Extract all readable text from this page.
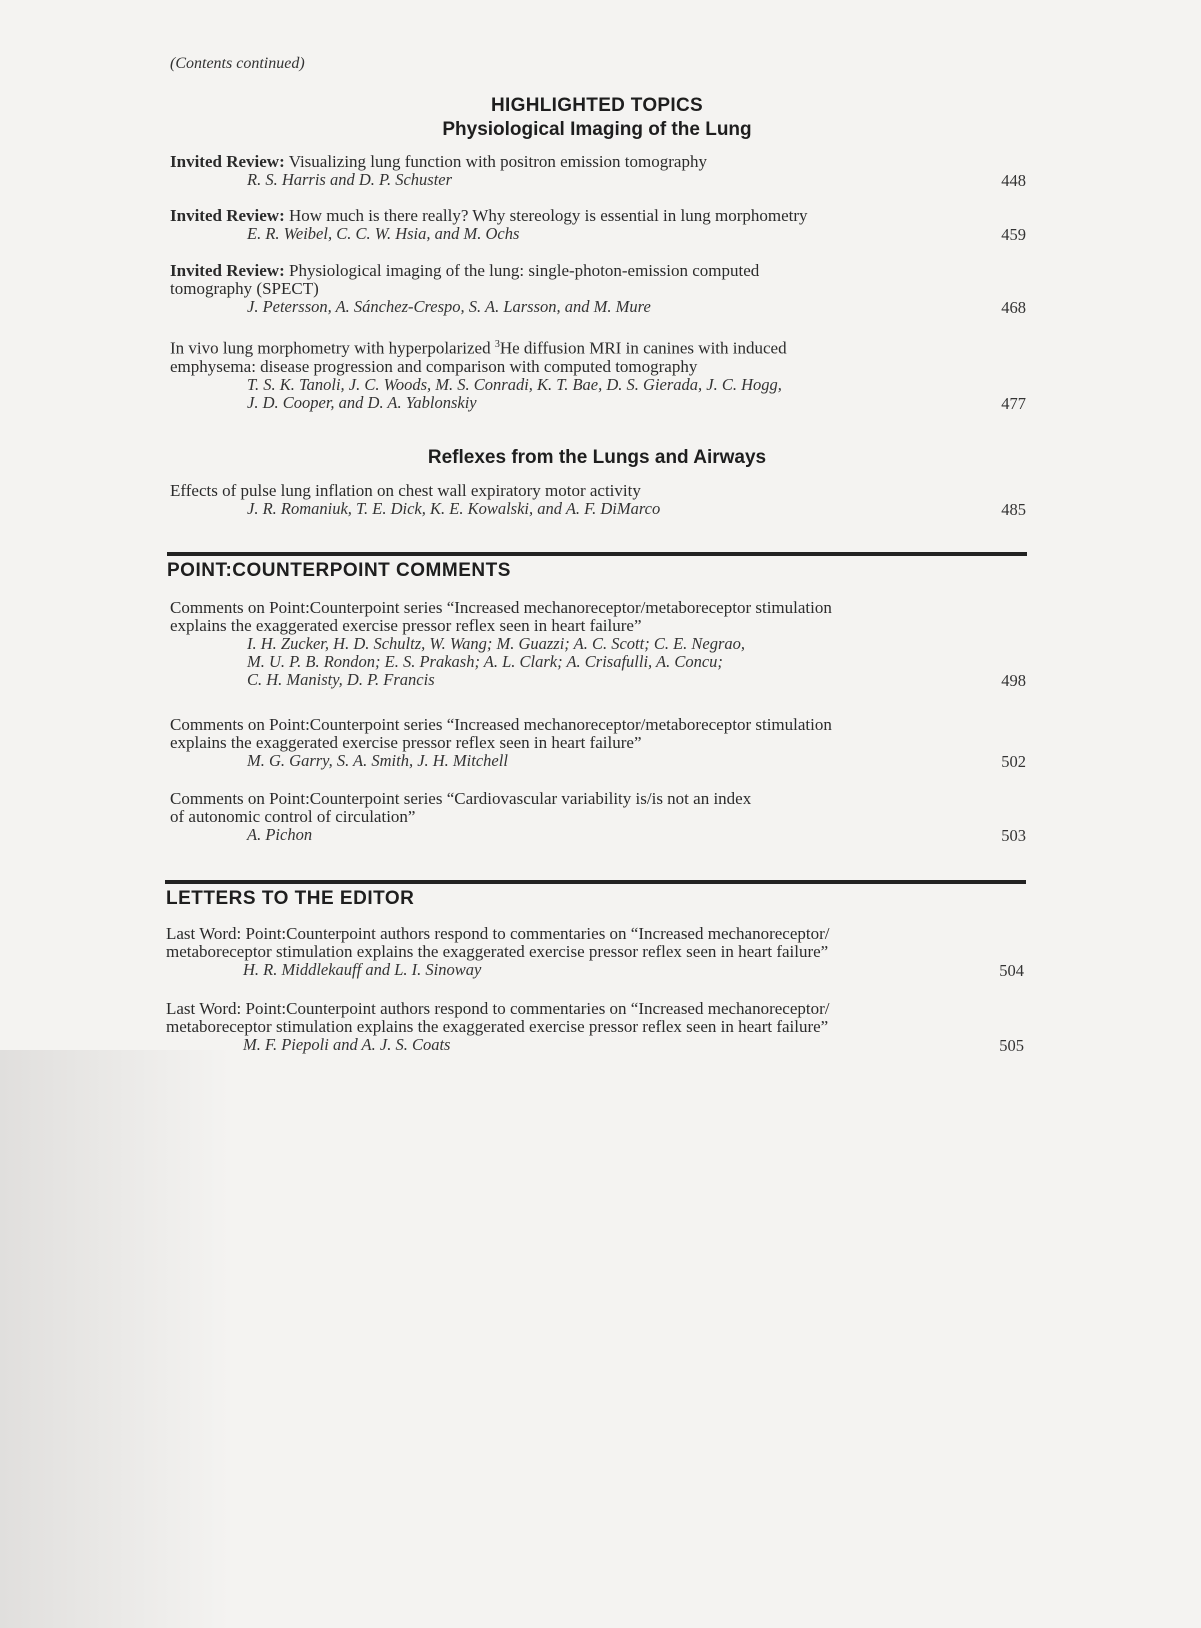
(Contents continued)
HIGHLIGHTED TOPICS
Physiological Imaging of the Lung
Invited Review: Visualizing lung function with positron emission tomography
R. S. Harris and D. P. Schuster	448
Invited Review: How much is there really? Why stereology is essential in lung morphometry
E. R. Weibel, C. C. W. Hsia, and M. Ochs	459
Invited Review: Physiological imaging of the lung: single-photon-emission computed
tomography (SPECT)
J. Petersson, A. Sánchez-Crespo, S. A. Larsson, and M. Mure	468
In vivo lung morphometry with hyperpolarized $^3$He diffusion MRI in canines with induced
emphysema: disease progression and comparison with computed tomography
T. S. K. Tanoli, J. C. Woods, M. S. Conradi, K. T. Bae, D. S. Gierada, J. C. Hogg,
J. D. Cooper, and D. A. Yablonskiy	477
Reflexes from the Lungs and Airways
Effects of pulse lung inflation on chest wall expiratory motor activity
J. R. Romaniuk, T. E. Dick, K. E. Kowalski, and A. F. DiMarco	485
POINT:COUNTERPOINT COMMENTS
Comments on Point:Counterpoint series “Increased mechanoreceptor/metaboreceptor stimulation
explains the exaggerated exercise pressor reflex seen in heart failure”
I. H. Zucker, H. D. Schultz, W. Wang; M. Guazzi; A. C. Scott; C. E. Negrao,
M. U. P. B. Rondon; E. S. Prakash; A. L. Clark; A. Crisafulli, A. Concu;
C. H. Manisty, D. P. Francis	498
Comments on Point:Counterpoint series “Increased mechanoreceptor/metaboreceptor stimulation
explains the exaggerated exercise pressor reflex seen in heart failure”
M. G. Garry, S. A. Smith, J. H. Mitchell	502
Comments on Point:Counterpoint series “Cardiovascular variability is/is not an index
of autonomic control of circulation”
A. Pichon	503
LETTERS TO THE EDITOR
Last Word: Point:Counterpoint authors respond to commentaries on “Increased mechanoreceptor/
metaboreceptor stimulation explains the exaggerated exercise pressor reflex seen in heart failure”
H. R. Middlekauff and L. I. Sinoway	504
Last Word: Point:Counterpoint authors respond to commentaries on “Increased mechanoreceptor/
metaboreceptor stimulation explains the exaggerated exercise pressor reflex seen in heart failure”
M. F. Piepoli and A. J. S. Coats	505
